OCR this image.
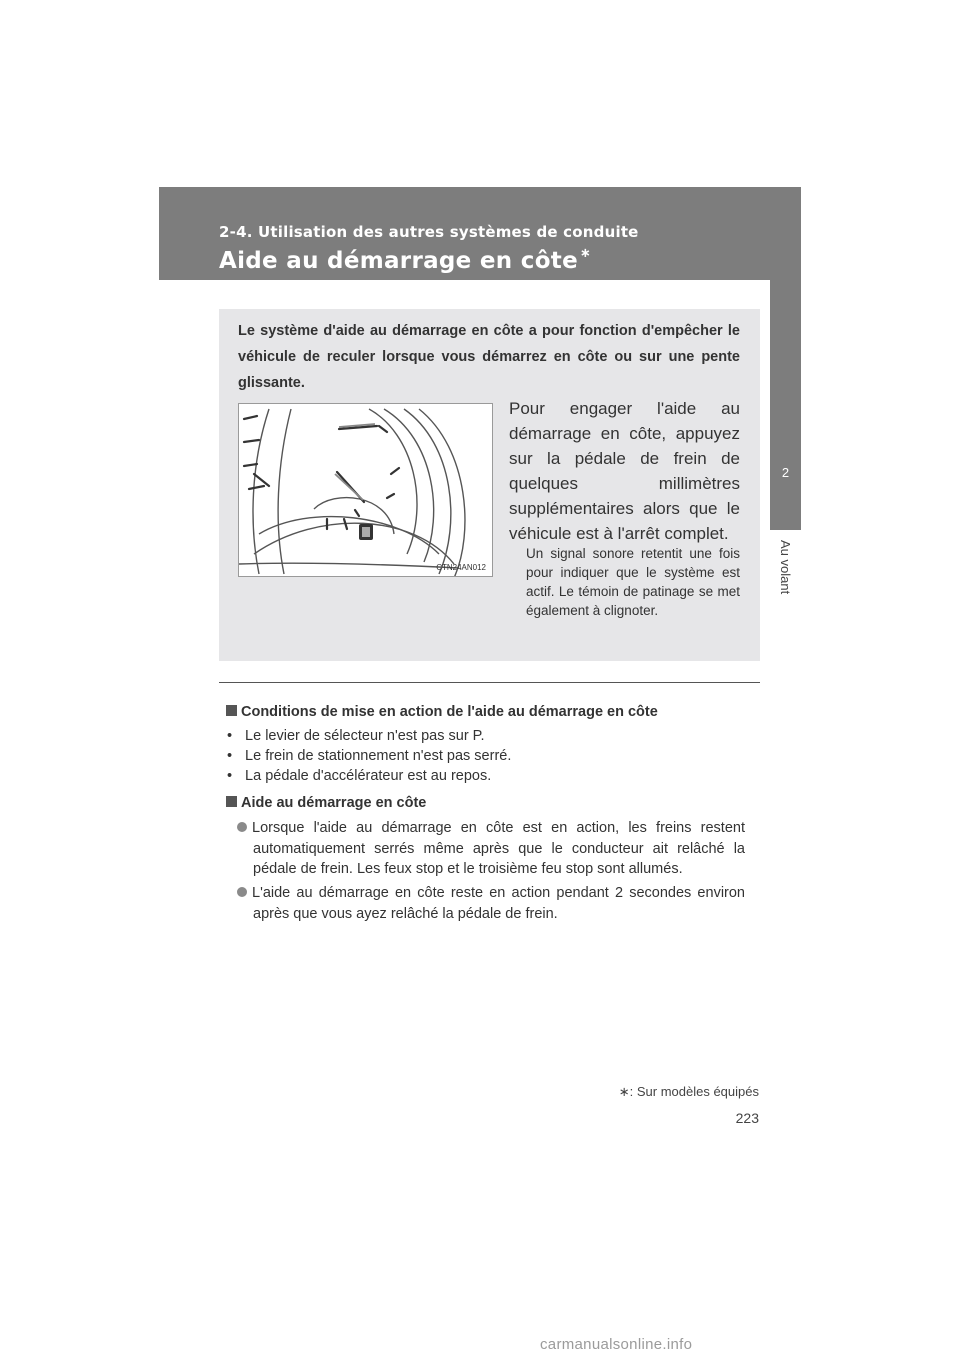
2-4. Utilisation des autres systèmes de conduite
Aide au démarrage en côte ∗
2
Au volant
Le système d'aide au démarrage en côte a pour fonction d'empêcher le véhicule de reculer lorsque vous démarrez en côte ou sur une pente glissante.
CTN24AN012
Pour engager l'aide au démarrage en côte, appuyez sur la pédale de frein de quelques millimètres supplémentaires alors que le véhicule est à l'arrêt complet.
Un signal sonore retentit une fois pour indiquer que le système est actif. Le témoin de patinage se met également à clignoter.
Conditions de mise en action de l'aide au démarrage en côte
• Le levier de sélecteur n'est pas sur P.
• Le frein de stationnement n'est pas serré.
• La pédale d'accélérateur est au repos.
Aide au démarrage en côte
Lorsque l'aide au démarrage en côte est en action, les freins restent automatiquement serrés même après que le conducteur ait relâché la pédale de frein. Les feux stop et le troisième feu stop sont allumés.
L'aide au démarrage en côte reste en action pendant 2 secondes environ après que vous ayez relâché la pédale de frein.
∗: Sur modèles équipés
223
carmanualsonline.info
